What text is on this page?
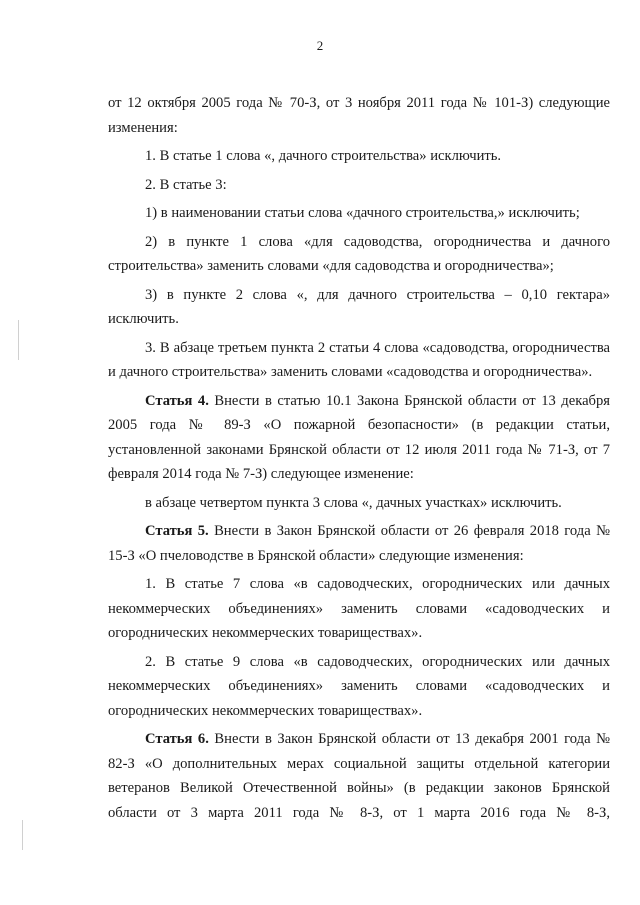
2

от 12 октября 2005 года № 70-З, от 3 ноября 2011 года № 101-З) следующие изменения:

1. В статье 1 слова «, дачного строительства» исключить.

2. В статье 3:

1) в наименовании статьи слова «дачного строительства,» исключить;

2) в пункте 1 слова «для садоводства, огородничества и дачного строительства» заменить словами «для садоводства и огородничества»;

3) в пункте 2 слова «, для дачного строительства – 0,10 гектара» исключить.

3. В абзаце третьем пункта 2 статьи 4 слова «садоводства, огородничества и дачного строительства» заменить словами «садоводства и огородничества».

Статья 4. Внести в статью 10.1 Закона Брянской области от 13 декабря 2005 года № 89-З «О пожарной безопасности» (в редакции статьи, установленной законами Брянской области от 12 июля 2011 года № 71-З, от 7 февраля 2014 года № 7-З) следующее изменение:

в абзаце четвертом пункта 3 слова «, дачных участках» исключить.

Статья 5. Внести в Закон Брянской области от 26 февраля 2018 года № 15-З «О пчеловодстве в Брянской области» следующие изменения:

1. В статье 7 слова «в садоводческих, огороднических или дачных некоммерческих объединениях» заменить словами «садоводческих и огороднических некоммерческих товариществах».

2. В статье 9 слова «в садоводческих, огороднических или дачных некоммерческих объединениях» заменить словами «садоводческих и огороднических некоммерческих товариществах».

Статья 6. Внести в Закон Брянской области от 13 декабря 2001 года № 82-З «О дополнительных мерах социальной защиты отдельной категории ветеранов Великой Отечественной войны» (в редакции законов Брянской области от 3 марта 2011 года № 8-З, от 1 марта 2016 года № 8-З,
